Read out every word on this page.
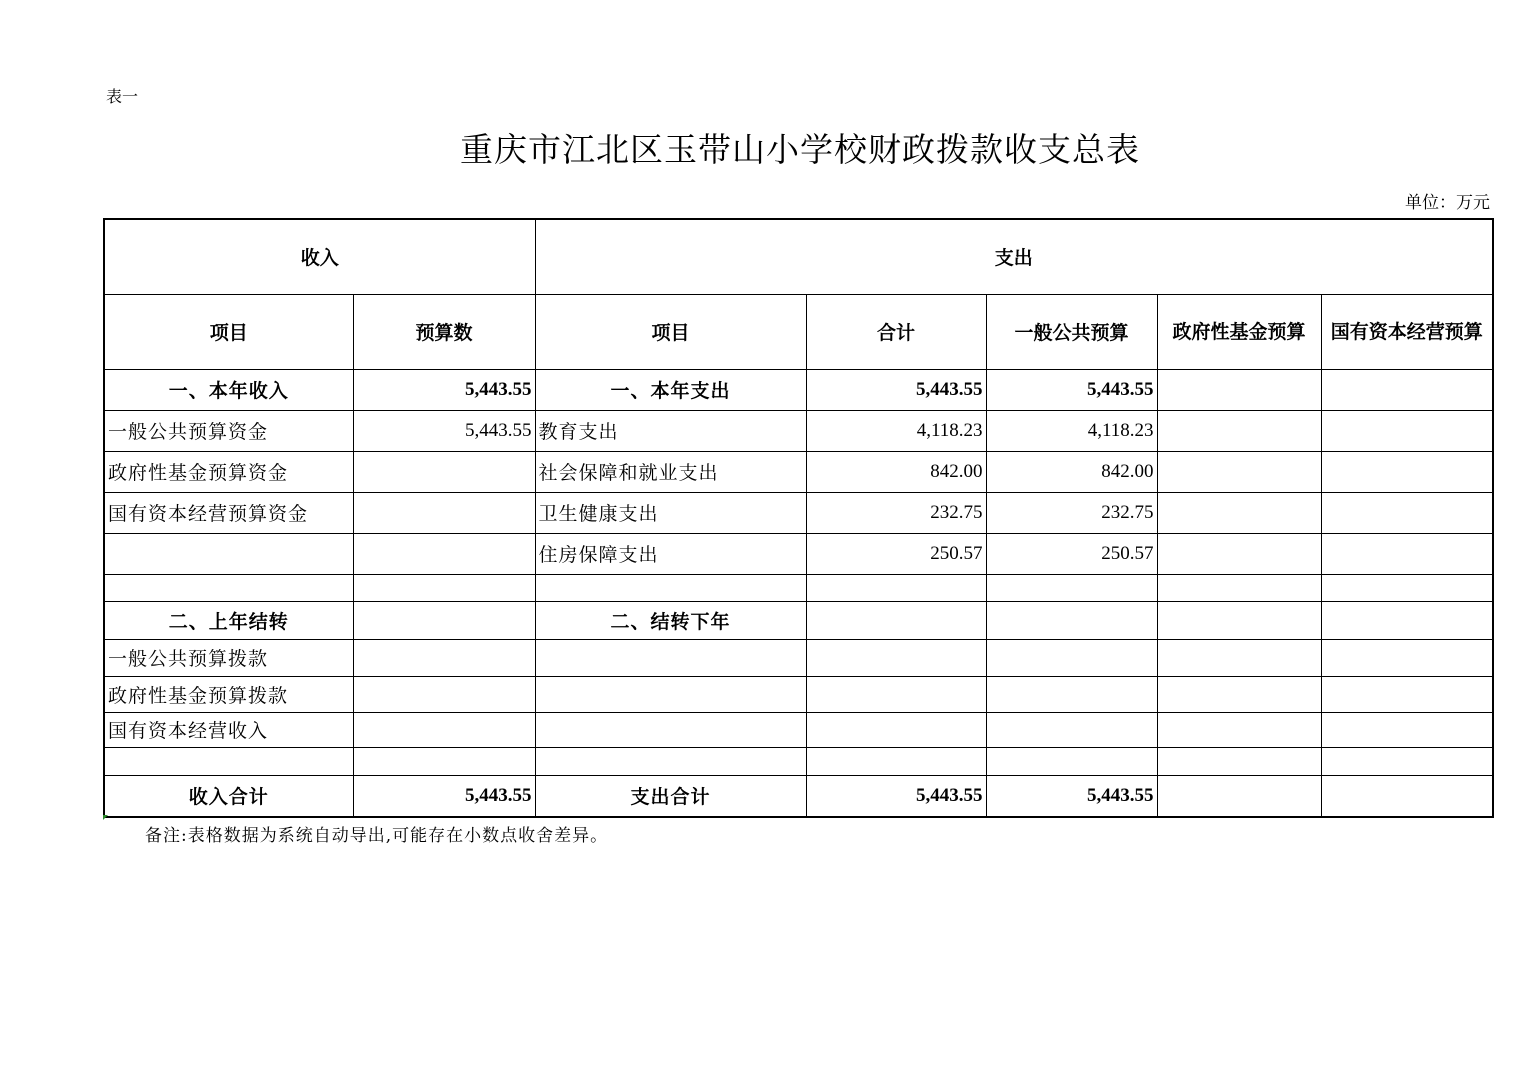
表一
重庆市江北区玉带山小学校财政拨款收支总表
单位：万元
收入		支出				
项目	预算数	项目	合计	一般公共预算	政府性基金预算	国有资本经营预算
一、本年收入	5,443.55	一、本年支出	5,443.55	5,443.55		
一般公共预算资金	5,443.55	教育支出	4,118.23	4,118.23		
政府性基金预算资金		社会保障和就业支出	842.00	842.00		
国有资本经营预算资金		卫生健康支出	232.75	232.75		
		住房保障支出	250.57	250.57		

二、上年结转		二、结转下年				
一般公共预算拨款						
政府性基金预算拨款						
国有资本经营收入						

收入合计	5,443.55	支出合计	5,443.55	5,443.55		
备注:表格数据为系统自动导出,可能存在小数点收舍差异。
